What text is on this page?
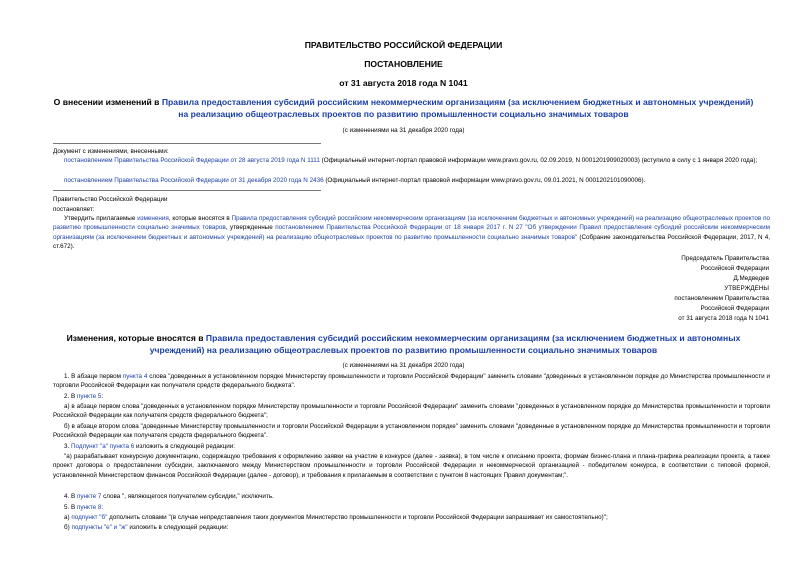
ПРАВИТЕЛЬСТВО РОССИЙСКОЙ ФЕДЕРАЦИИ
ПОСТАНОВЛЕНИЕ
от 31 августа 2018 года N 1041
О внесении изменений в Правила предоставления субсидий российским некоммерческим организациям (за исключением бюджетных и автономных учреждений)
на реализацию общеотраслевых проектов по развитию промышленности социально значимых товаров
(с изменениями на 31 декабря 2020 года)
Документ с изменениями, внесенными:
постановлением Правительства Российской Федерации от 28 августа 2019 года N 1111 (Официальный интернет-портал правовой информации www.pravo.gov.ru, 02.09.2019, N 0001201909020003) (вступило в силу с 1 января 2020 года);
постановлением Правительства Российской Федерации от 31 декабря 2020 года N 2436 (Официальный интернет-портал правовой информации www.pravo.gov.ru, 09.01.2021, N 0001202101090006).
Правительство Российской Федерации
постановляет:
Утвердить прилагаемые изменения, которые вносятся в Правила предоставления субсидий российским некоммерческим организациям (за исключением бюджетных и автономных учреждений) на реализацию общеотраслевых проектов по развитию промышленности социально значимых товаров, утвержденные постановлением Правительства Российской Федерации от 18 января 2017 г. N 27 "Об утверждении Правил предоставления субсидий российским некоммерческим организациям (за исключением бюджетных и автономных учреждений) на реализацию общеотраслевых проектов по развитию промышленности социально значимых товаров" (Собрание законодательства Российской Федерации, 2017, N 4, ст.672).
Председатель Правительства
Российской Федерации
Д.Медведев
УТВЕРЖДЕНЫ
постановлением Правительства
Российской Федерации
от 31 августа 2018 года N 1041
Изменения, которые вносятся в Правила предоставления субсидий российским некоммерческим организациям (за исключением бюджетных и автономных
учреждений) на реализацию общеотраслевых проектов по развитию промышленности социально значимых товаров
(с изменениями на 31 декабря 2020 года)
1. В абзаце первом пункта 4 слова "доведенных в установленном порядке Министерству промышленности и торговли Российской Федерации" заменить словами "доведенных в установленном порядке до Министерства промышленности и торговли Российской Федерации как получателя средств федерального бюджета".
2. В пункте 5:
а) в абзаце первом слова "доведенных в установленном порядке Министерству промышленности и торговли Российской Федерации" заменить словами "доведенных в установленном порядке до Министерства промышленности и торговли Российской Федерации как получателя средств федерального бюджета";
б) в абзаце втором слова "доведенные Министерству промышленности и торговли Российской Федерации в установленном порядке" заменить словами "доведенные в установленном порядке до Министерства промышленности и торговли Российской Федерации как получателя средств федерального бюджета".
3. Подпункт "а" пункта 6 изложить в следующей редакции:
"а) разрабатывает конкурсную документацию, содержащую требования к оформлению заявки на участие в конкурсе (далее - заявка), в том числе к описанию проекта, формам бизнес-плана и плана-графика реализации проекта, а также проект договора о предоставлении субсидии, заключаемого между Министерством промышленности и торговли Российской Федерации и некоммерческой организацией - победителем конкурса, в соответствии с типовой формой, установленной Министерством финансов Российской Федерации (далее - договор), и требования к прилагаемым в соответствии с пунктом 8 настоящих Правил документам;".
4. В пункте 7 слова ", являющегося получателем субсидии," исключить.
5. В пункте 8:
а) подпункт "б" дополнить словами "(в случае непредставления таких документов Министерство промышленности и торговли Российской Федерации запрашивает их самостоятельно)";
б) подпункты "е" и "ж" изложить в следующей редакции:
